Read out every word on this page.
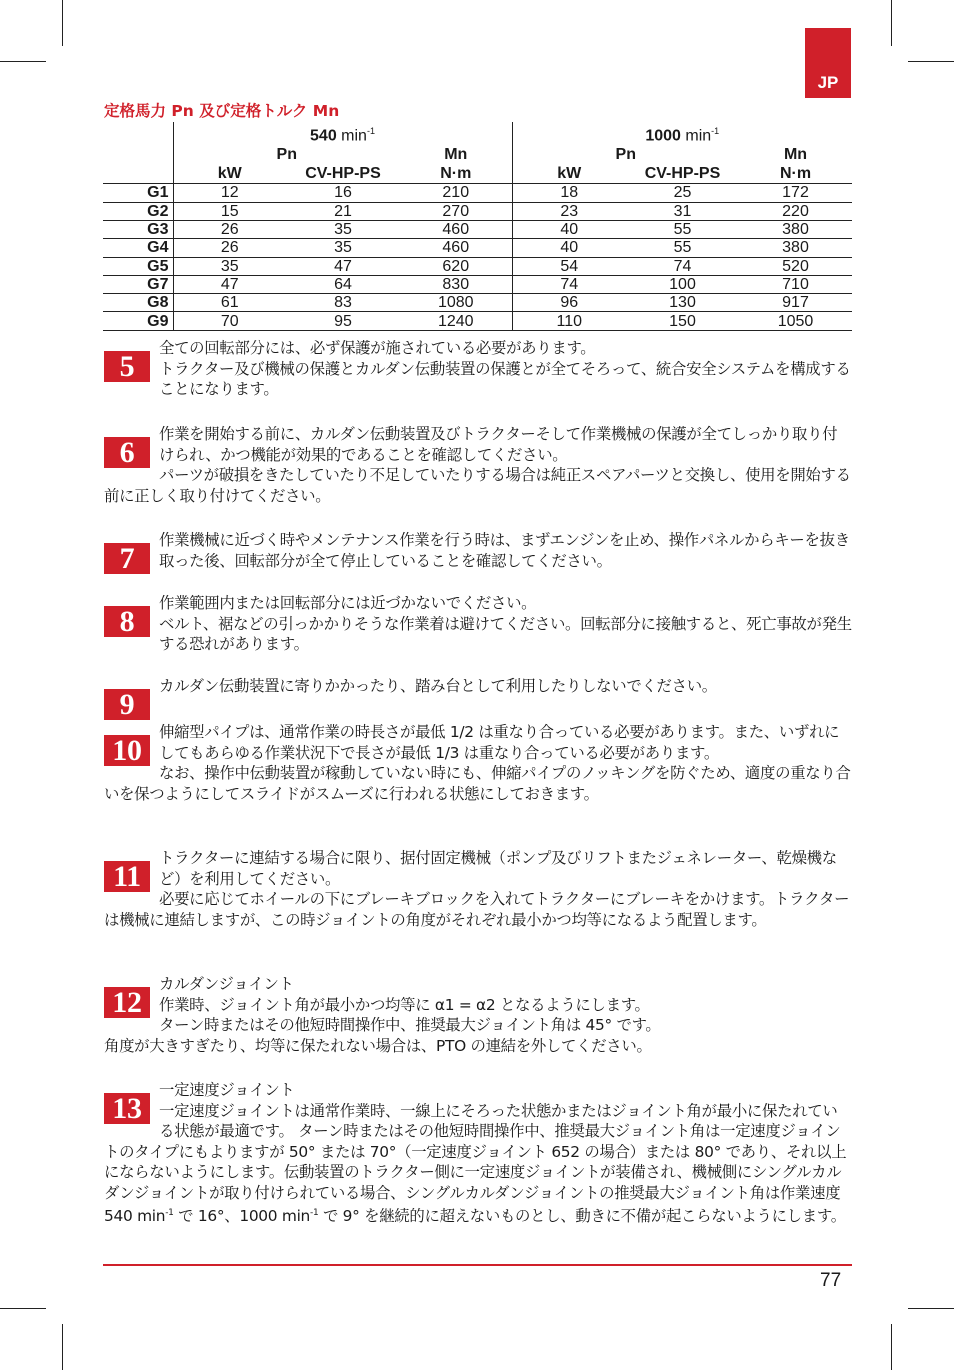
JP
定格馬力 Pn 及び定格トルク Mn
	540 $\min^{-1}$			1000 $\min^{-1}$
	Pn		Mn	Pn		Mn
	kW	CV-HP-PS	N·m	kW	CV-HP-PS	N·m
G1	12	16	210	18	25	172
G2	15	21	270	23	31	220
G3	26	35	460	40	55	380
G4	26	35	460	40	55	380
G5	35	47	620	54	74	520
G7	47	64	830	74	100	710
G8	61	83	1080	96	130	917
G9	70	95	1240	110	150	1050
5

全ての回転部分には、必ず保護が施されている必要があります。

トラクター及び機械の保護とカルダン伝動装置の保護とが全てそろって、統合安全システムを構成することになります。

6

作業を開始する前に、カルダン伝動装置及びトラクターそして作業機械の保護が全てしっかり取り付けられ、かつ機能が効果的であることを確認してください。

パーツが破損をきたしていたり不足していたりする場合は純正スペアパーツと交換し、使用を開始する前に正しく取り付けてください。

7

作業機械に近づく時やメンテナンス作業を行う時は、まずエンジンを止め、操作パネルからキーを抜き取った後、回転部分が全て停止していることを確認してください。

8

作業範囲内または回転部分には近づかないでください。

ベルト、裾などの引っかかりそうな作業着は避けてください。回転部分に接触すると、死亡事故が発生する恐れがあります。

9

カルダン伝動装置に寄りかかったり、踏み台として利用したりしないでください。

10

伸縮型パイプは、通常作業の時長さが最低 1/2 は重なり合っている必要があります。また、いずれにしてもあらゆる作業状況下で長さが最低 1/3 は重なり合っている必要があります。

なお、操作中伝動装置が稼動していない時にも、伸縮パイプのノッキングを防ぐため、適度の重なり合いを保つようにしてスライドがスムーズに行われる状態にしておきます。

11

トラクターに連結する場合に限り、据付固定機械（ポンプ及びリフトまたジェネレーター、乾燥機など）を利用してください。

必要に応じてホイールの下にブレーキブロックを入れてトラクターにブレーキをかけます。トラクターは機械に連結しますが、この時ジョイントの角度がそれぞれ最小かつ均等になるよう配置します。

12

カルダンジョイント

作業時、ジョイント角が最小かつ均等に α1 = α2 となるようにします。

ターン時またはその他短時間操作中、推奨最大ジョイント角は 45° です。

角度が大きすぎたり、均等に保たれない場合は、PTO の連結を外してください。

13

一定速度ジョイント

一定速度ジョイントは通常作業時、一線上にそろった状態かまたはジョイント角が最小に保たれている状態が最適です。 ターン時またはその他短時間操作中、推奨最大ジョイント角は一定速度ジョイントのタイプにもよりますが 50° または 70°（一定速度ジョイント 652 の場合）または 80° であり、それ以上にならないようにします。伝動装置のトラクター側に一定速度ジョイントが装備され、機械側にシングルカルダンジョイントが取り付けられている場合、シングルカルダンジョイントの推奨最大ジョイント角は作業速度 540 $\min^{-1}$ で 16°、1000 $\min^{-1}$ で 9° を継続的に超えないものとし、動きに不備が起こらないようにします。

77
